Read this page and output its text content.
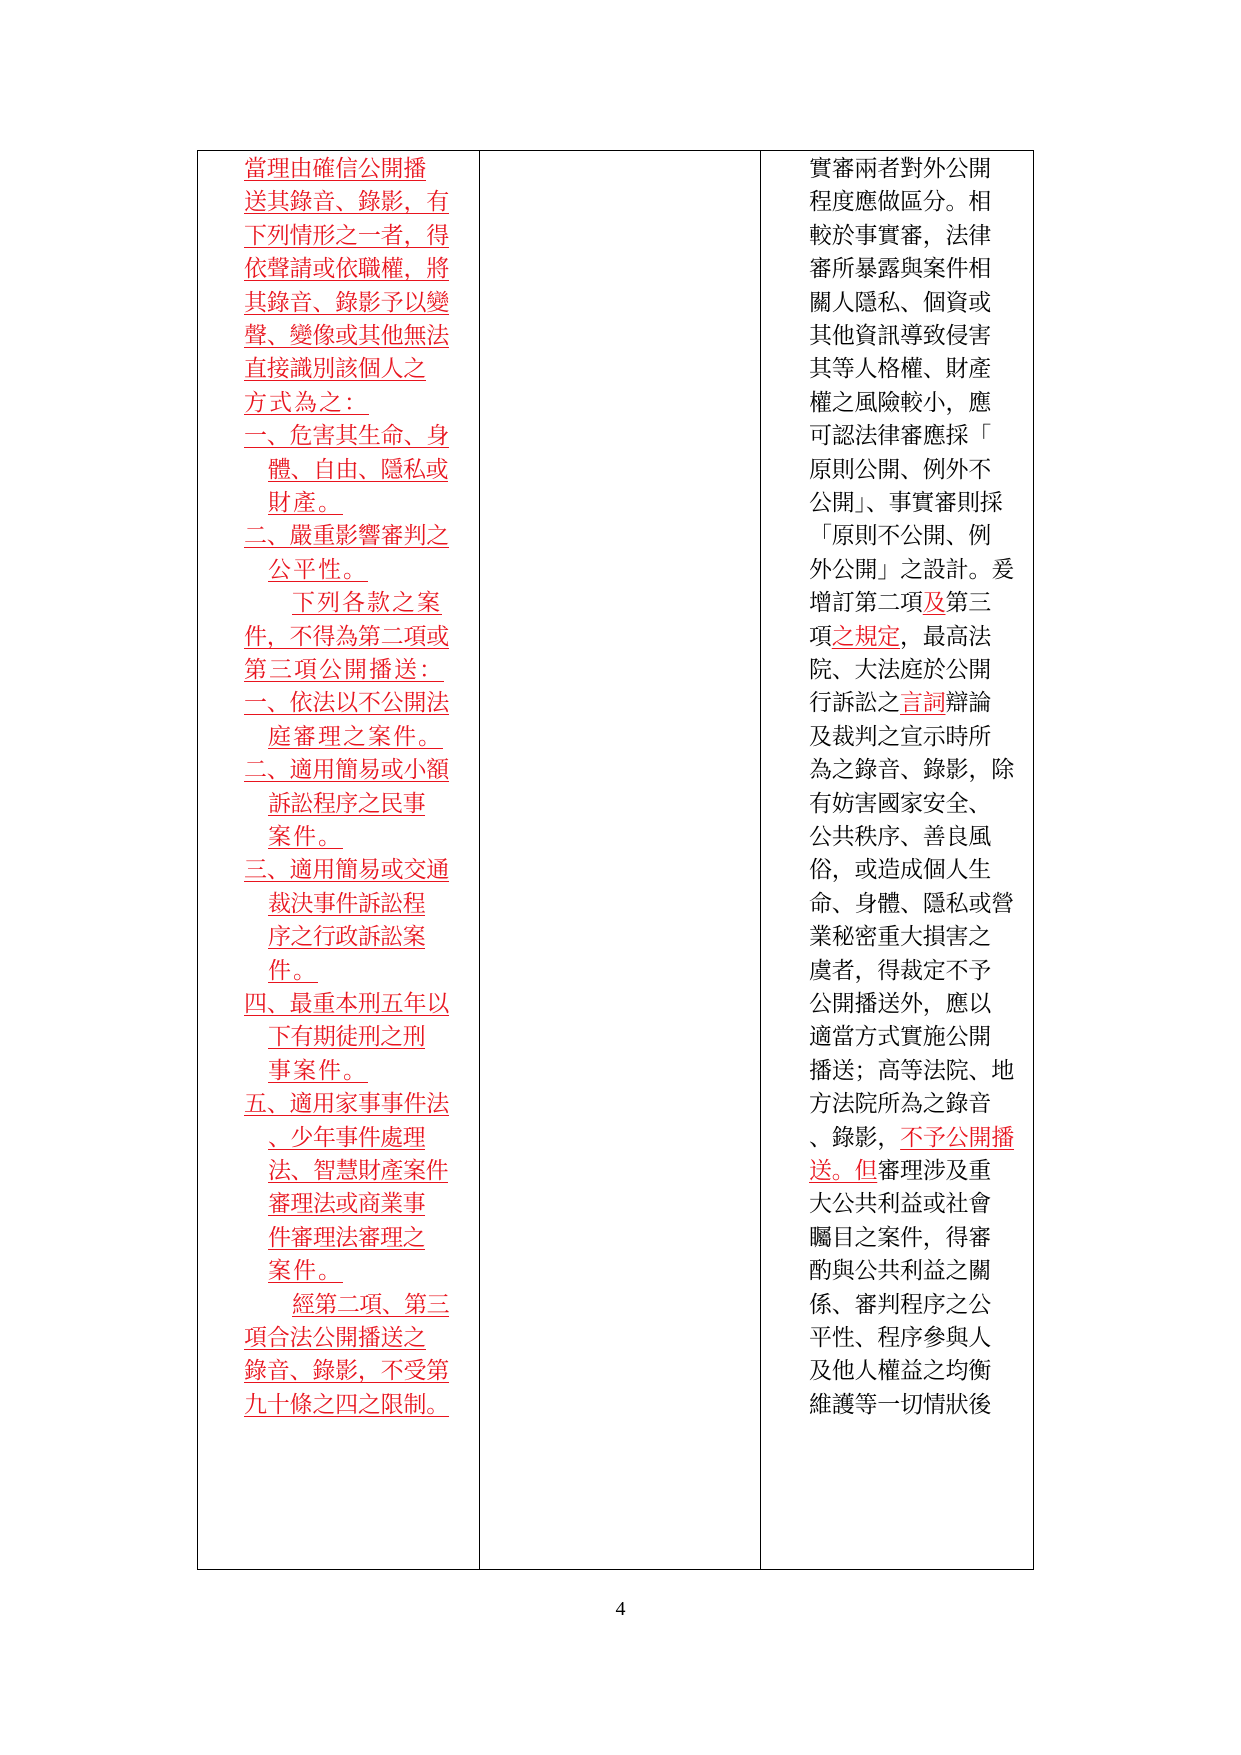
當理由確信公開播
送其錄音、錄影，有
下列情形之一者，得
依聲請或依職權，將
其錄音、錄影予以變
聲、變像或其他無法
直接識別該個人之
方式為之：
一、危害其生命、身
體、自由、隱私或
財產。
二、嚴重影響審判之
公平性。
下列各款之案
件，不得為第二項或
第三項公開播送：
一、依法以不公開法
庭審理之案件。
二、適用簡易或小額
訴訟程序之民事
案件。
三、適用簡易或交通
裁決事件訴訟程
序之行政訴訟案
件。
四、最重本刑五年以
下有期徒刑之刑
事案件。
五、適用家事事件法
、少年事件處理
法、智慧財產案件
審理法或商業事
件審理法審理之
案件。
經第二項、第三
項合法公開播送之
錄音、錄影，不受第
九十條之四之限制。
實審兩者對外公開
程度應做區分。相
較於事實審，法律
審所暴露與案件相
關人隱私、個資或
其他資訊導致侵害
其等人格權、財產
權之風險較小，應
可認法律審應採「
原則公開、例外不
公開」、事實審則採
「原則不公開、例
外公開」之設計。爰
增訂第二項及第三
項之規定，最高法
院、大法庭於公開
行訴訟之言詞辯論
及裁判之宣示時所
為之錄音、錄影，除
有妨害國家安全、
公共秩序、善良風
俗，或造成個人生
命、身體、隱私或營
業秘密重大損害之
虞者，得裁定不予
公開播送外，應以
適當方式實施公開
播送；高等法院、地
方法院所為之錄音
、錄影，不予公開播
送。但審理涉及重
大公共利益或社會
矚目之案件，得審
酌與公共利益之關
係、審判程序之公
平性、程序參與人
及他人權益之均衡
維護等一切情狀後
4
